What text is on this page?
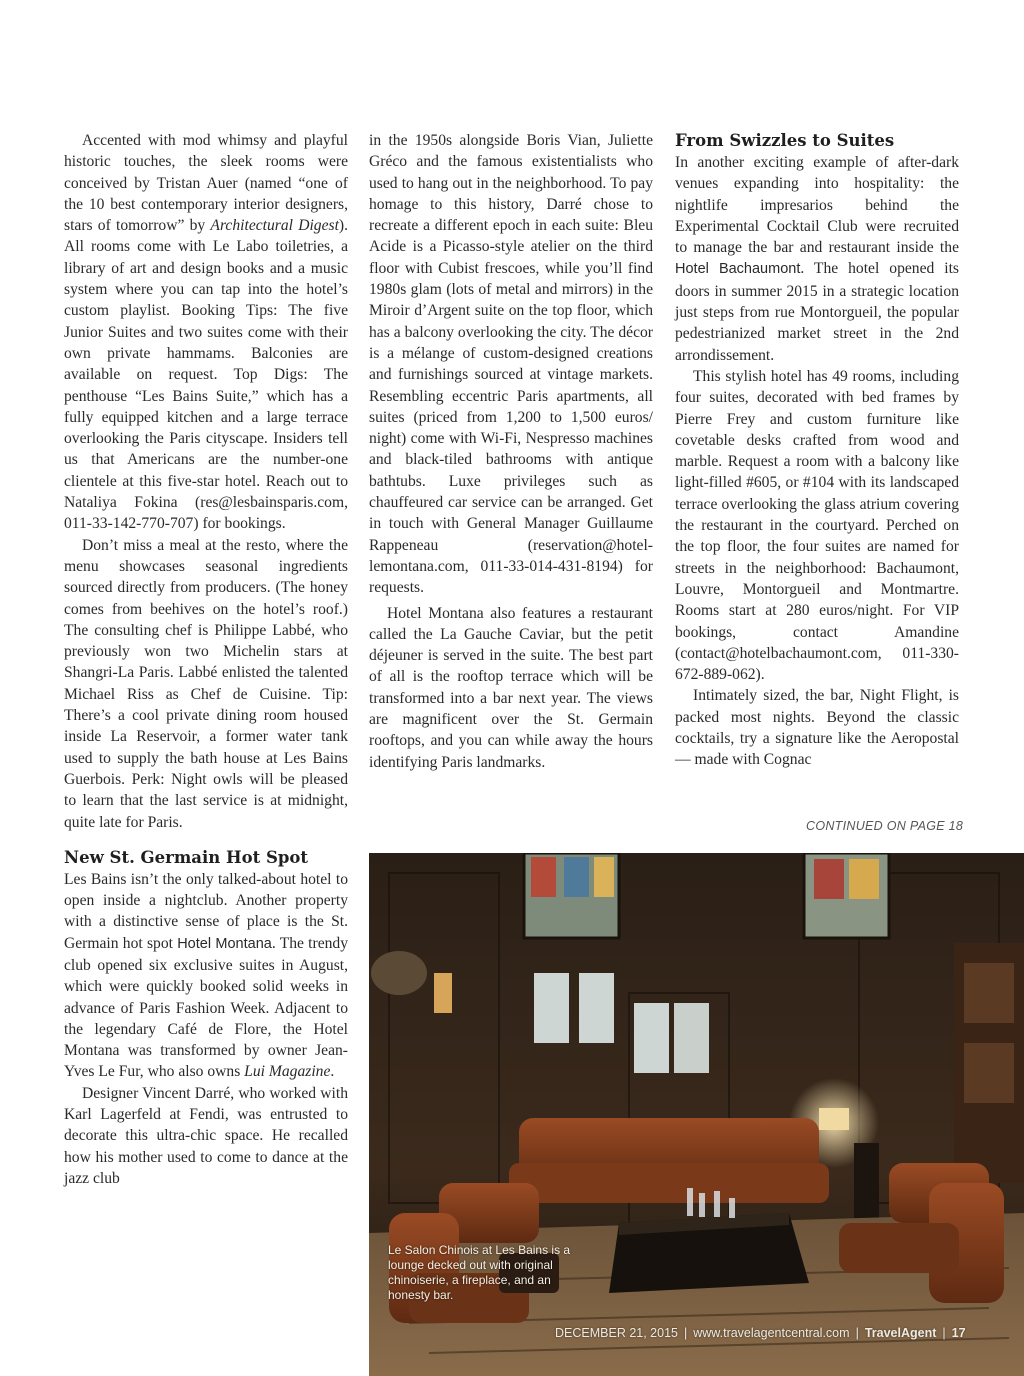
Accented with mod whimsy and playful historic touches, the sleek rooms were conceived by Tristan Auer (named “one of the 10 best contemporary interior designers, stars of tomorrow” by Architectural Digest). All rooms come with Le Labo toiletries, a library of art and design books and a music system where you can tap into the hotel’s custom playlist. Booking Tips: The five Junior Suites and two suites come with their own private hammams. Balconies are available on request. Top Digs: The penthouse “Les Bains Suite,” which has a fully equipped kitchen and a large terrace overlooking the Paris cityscape. Insiders tell us that Americans are the number-one clientele at this five-star hotel. Reach out to Nataliya Fokina (res@lesbainsparis.com, 011-33-142-770-707) for bookings.

Don’t miss a meal at the resto, where the menu showcases seasonal ingredients sourced directly from producers. (The honey comes from beehives on the hotel’s roof.) The consulting chef is Philippe Labbé, who previously won two Michelin stars at Shangri-La Paris. Labbé enlisted the talented Michael Riss as Chef de Cuisine. Tip: There’s a cool private dining room housed inside La Reservoir, a former water tank used to supply the bath house at Les Bains Guerbois. Perk: Night owls will be pleased to learn that the last service is at midnight, quite late for Paris.

New St. Germain Hot Spot

Les Bains isn’t the only talked-about hotel to open inside a nightclub. Another property with a distinctive sense of place is the St. Germain hot spot Hotel Montana. The trendy club opened six exclusive suites in August, which were quickly booked solid weeks in advance of Paris Fashion Week. Adjacent to the legendary Café de Flore, the Hotel Montana was transformed by owner Jean-Yves Le Fur, who also owns Lui Magazine.

Designer Vincent Darré, who worked with Karl Lagerfeld at Fendi, was entrusted to decorate this ultra-chic space. He recalled how his mother used to come to dance at the jazz club

in the 1950s alongside Boris Vian, Juliette Gréco and the famous existentialists who used to hang out in the neighborhood. To pay homage to this history, Darré chose to recreate a different epoch in each suite: Bleu Acide is a Picasso-style atelier on the third floor with Cubist frescoes, while you’ll find 1980s glam (lots of metal and mirrors) in the Miroir d’Argent suite on the top floor, which has a balcony overlooking the city. The décor is a mélange of custom-designed creations and furnishings sourced at vintage markets. Resembling eccentric Paris apartments, all suites (priced from 1,200 to 1,500 euros/ night) come with Wi-Fi, Nespresso machines and black-tiled bathrooms with antique bathtubs. Luxe privileges such as chauffeured car service can be arranged. Get in touch with General Manager Guillaume Rappeneau (reservation@hotel-lemontana.com, 011-33-014-431-8194) for requests.

Hotel Montana also features a restaurant called the La Gauche Caviar, but the petit déjeuner is served in the suite. The best part of all is the rooftop terrace which will be transformed into a bar next year. The views are magnificent over the St. Germain rooftops, and you can while away the hours identifying Paris landmarks.

From Swizzles to Suites

In another exciting example of after-dark venues expanding into hospitality: the nightlife impresarios behind the Experimental Cocktail Club were recruited to manage the bar and restaurant inside the Hotel Bachaumont. The hotel opened its doors in summer 2015 in a strategic location just steps from rue Montorgueil, the popular pedestrianized market street in the 2nd arrondissement.

This stylish hotel has 49 rooms, including four suites, decorated with bed frames by Pierre Frey and custom furniture like covetable desks crafted from wood and marble. Request a room with a balcony like light-filled #605, or #104 with its landscaped terrace overlooking the glass atrium covering the restaurant in the courtyard. Perched on the top floor, the four suites are named for streets in the neighborhood: Bachaumont, Louvre, Montorgueil and Montmartre. Rooms start at 280 euros/night. For VIP bookings, contact Amandine (contact@hotelbachaumont.com, 011-330-672-889-062).

Intimately sized, the bar, Night Flight, is packed most nights. Beyond the classic cocktails, try a signature like the Aeropostal — made with Cognac

CONTINUED ON PAGE 18
Le Salon Chinois at Les Bains is a lounge decked out with original chinoiserie, a fireplace, and an honesty bar.
DECEMBER 21, 2015 | www.travelagentcentral.com | TravelAgent | 17
